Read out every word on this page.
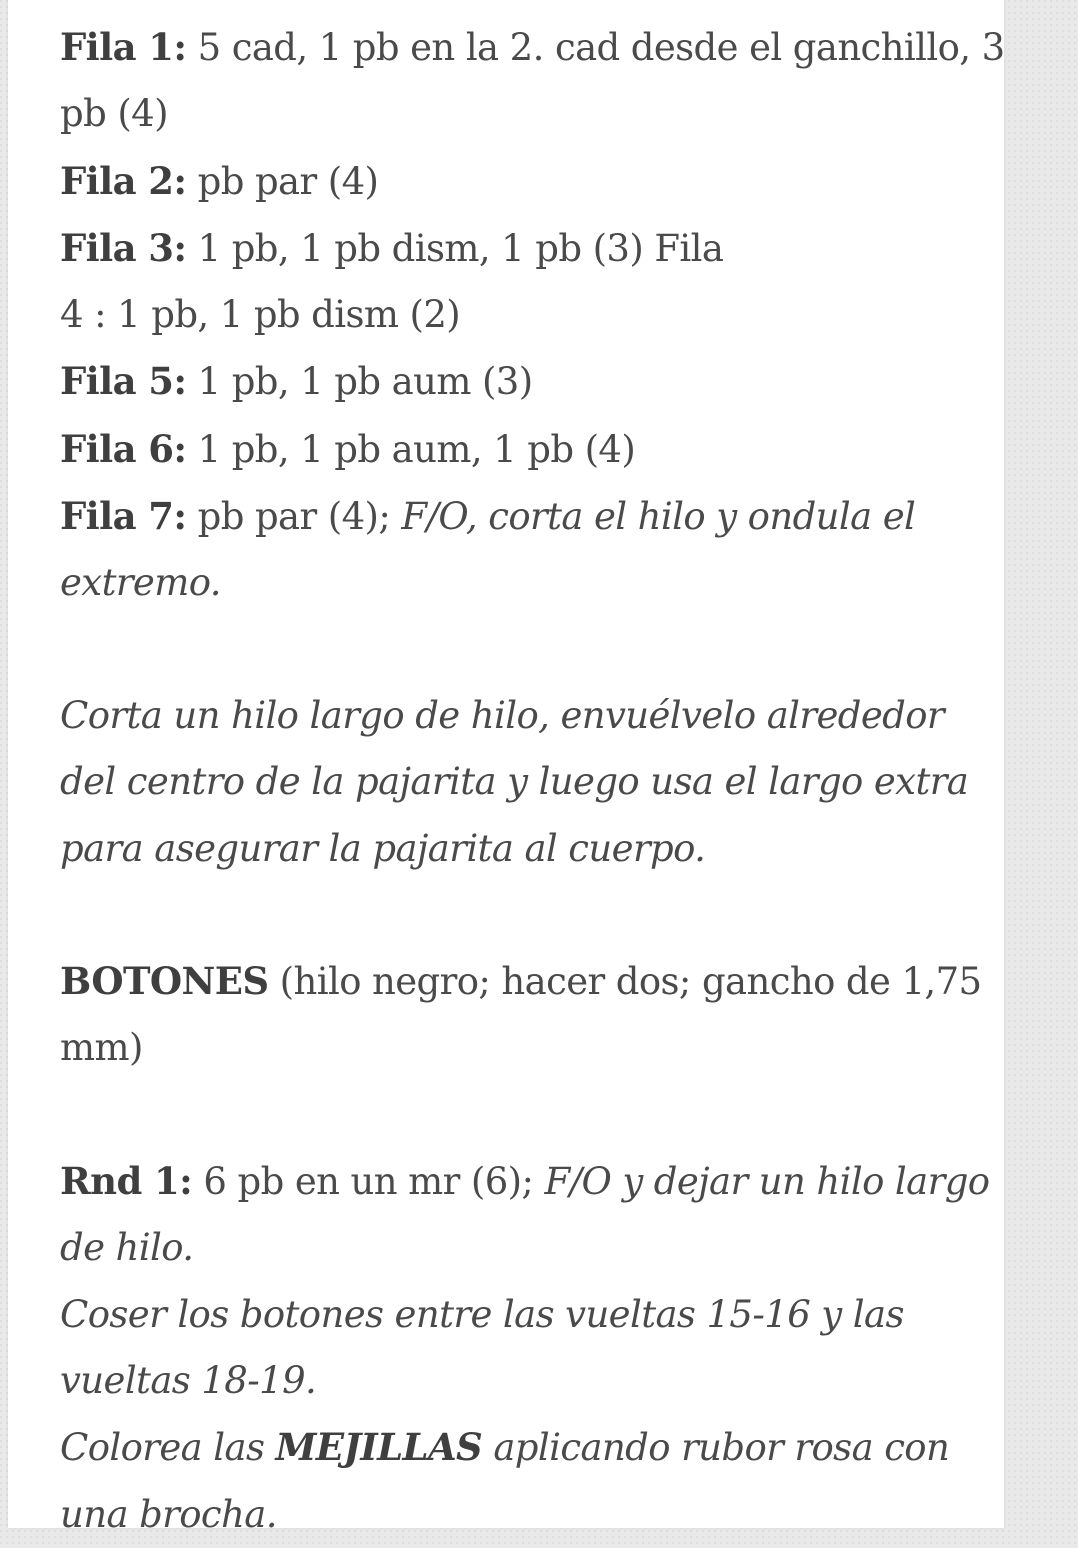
Fila 1: 5 cad, 1 pb en la 2. cad desde el ganchillo, 3
pb (4)
Fila 2: pb par (4)
Fila 3: 1 pb, 1 pb dism, 1 pb (3) Fila
4 : 1 pb, 1 pb dism (2)
Fila 5: 1 pb, 1 pb aum (3)
Fila 6: 1 pb, 1 pb aum, 1 pb (4)
Fila 7: pb par (4); F/O, corta el hilo y ondula el
extremo.
Corta un hilo largo de hilo, envuélvelo alrededor
del centro de la pajarita y luego usa el largo extra
para asegurar la pajarita al cuerpo.
BOTONES (hilo negro; hacer dos; gancho de 1,75
mm)
Rnd 1: 6 pb en un mr (6); F/O y dejar un hilo largo
de hilo.
Coser los botones entre las vueltas 15-16 y las
vueltas 18-19.
Colorea las MEJILLAS aplicando rubor rosa con
una brocha.
